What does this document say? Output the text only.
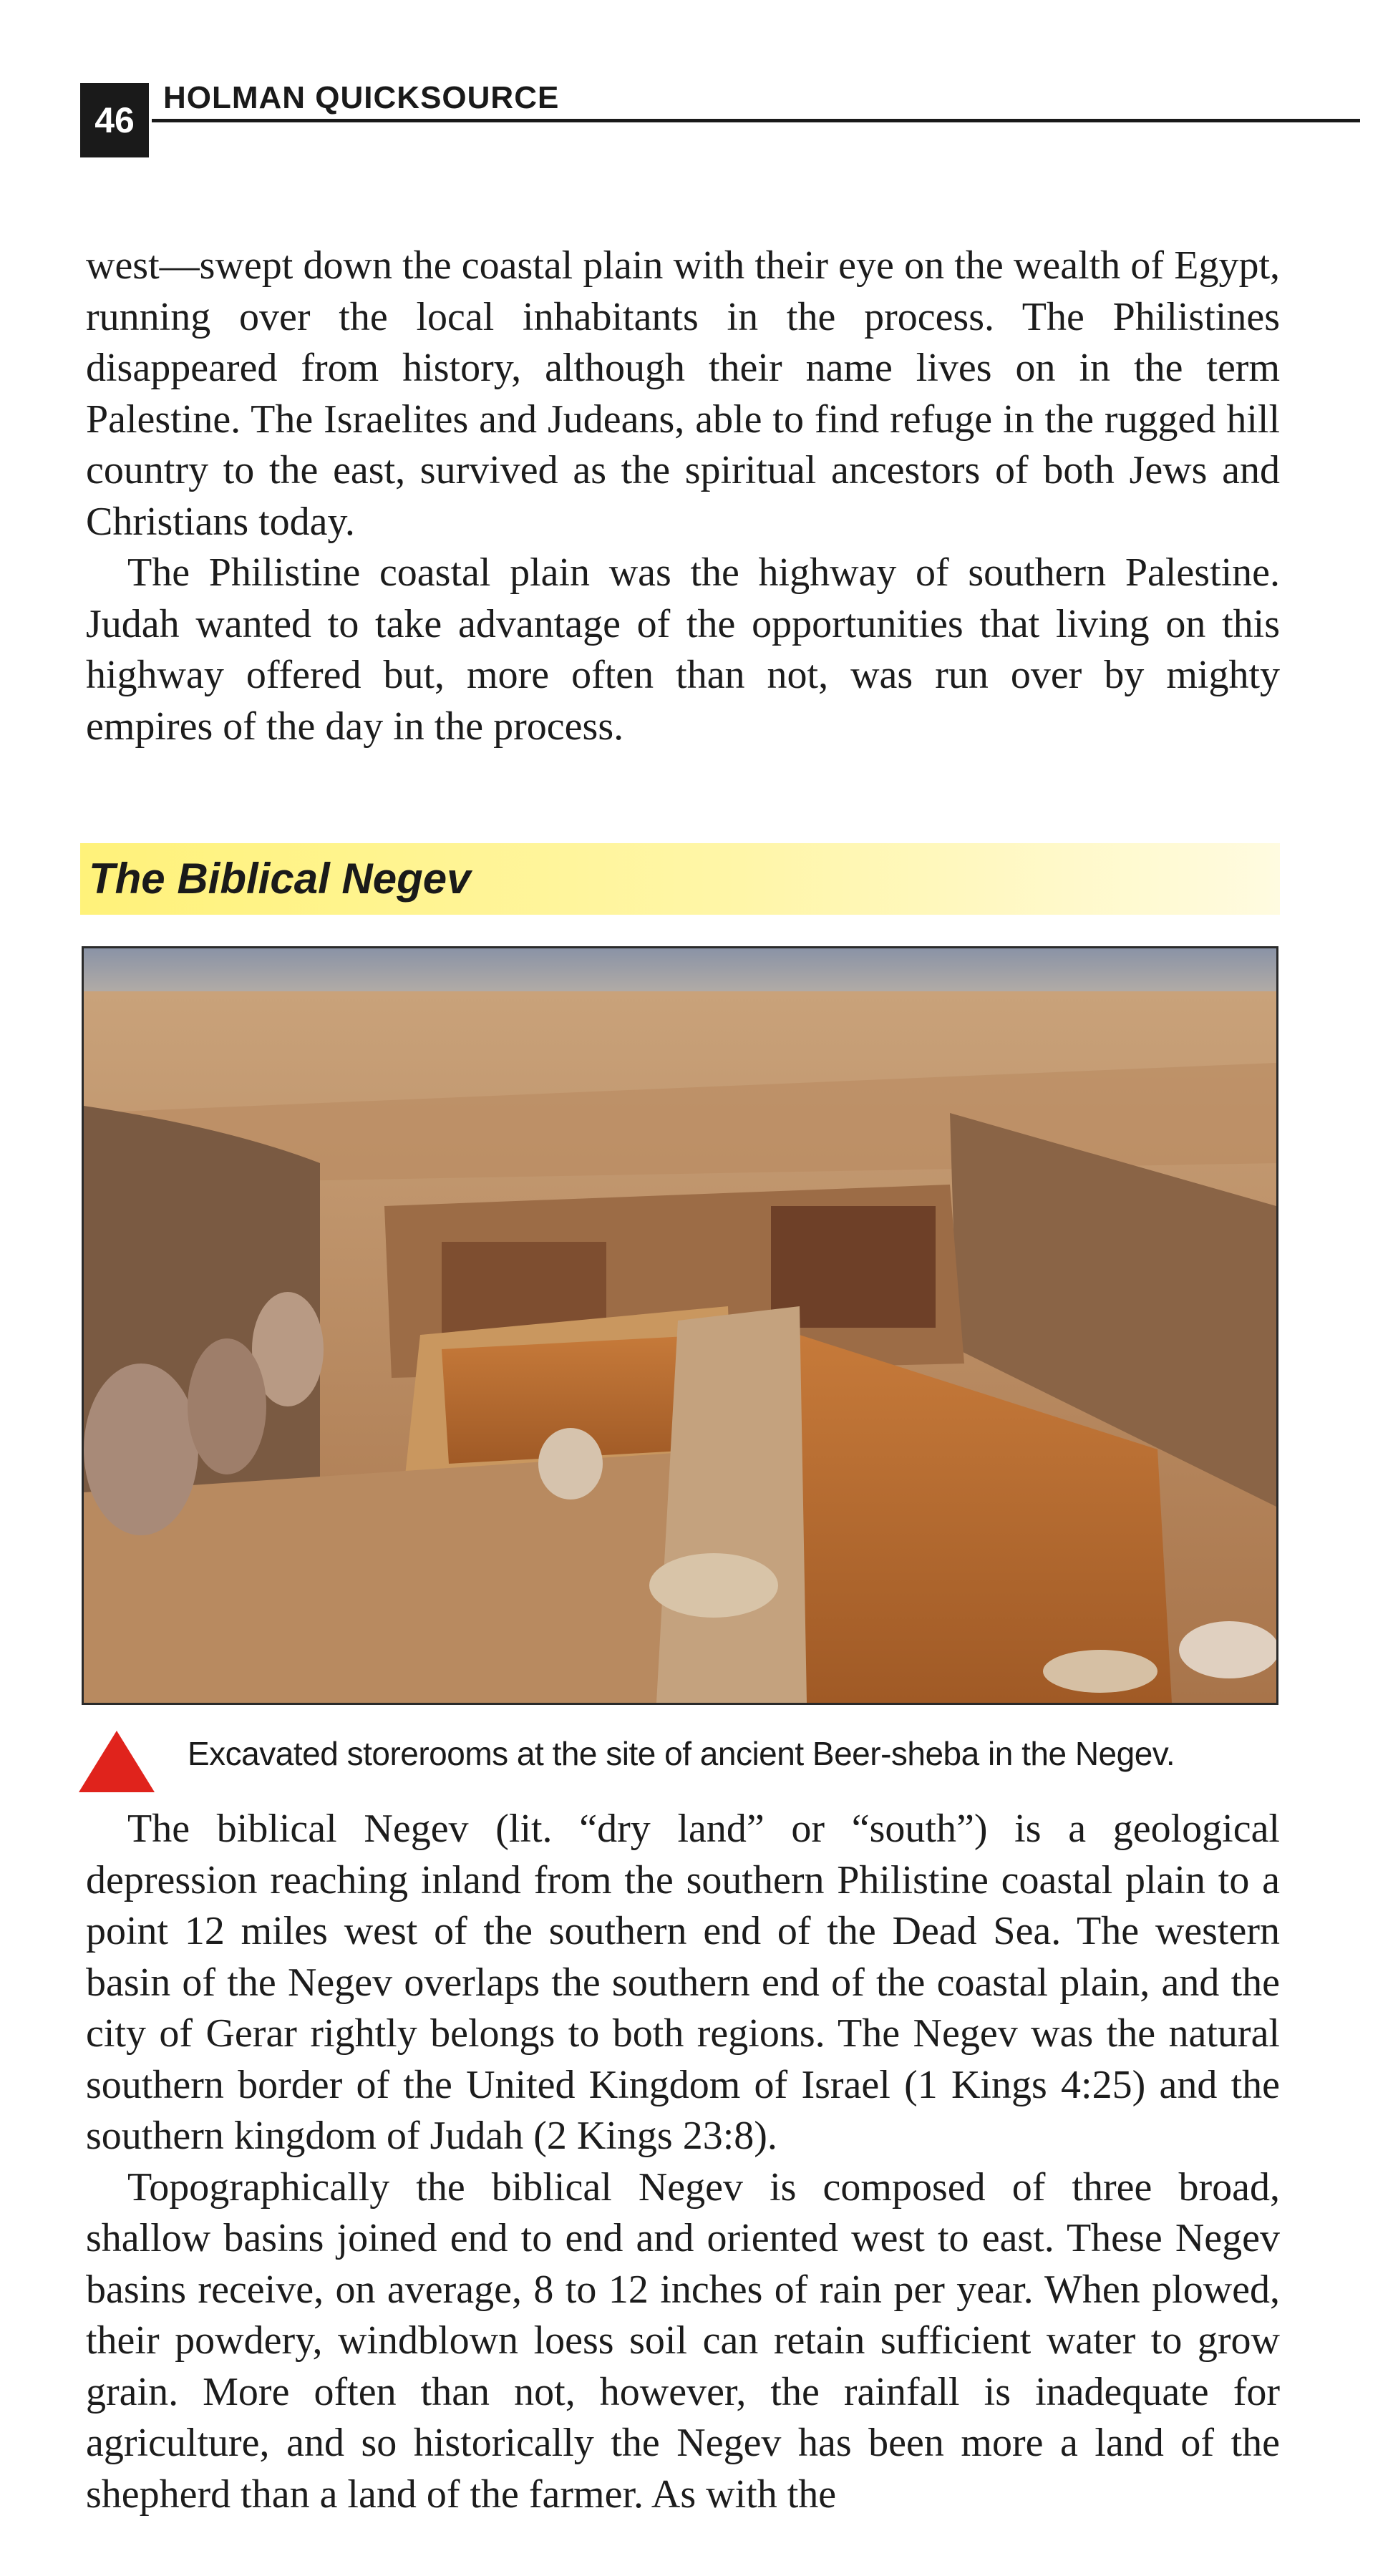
46
HOLMAN QUICKSOURCE

west—swept down the coastal plain with their eye on the wealth of Egypt, running over the local inhabitants in the process. The Philistines disappeared from history, although their name lives on in the term Palestine. The Israelites and Judeans, able to find refuge in the rugged hill country to the east, survived as the spiritual ancestors of both Jews and Christians today.

The Philistine coastal plain was the highway of southern Palestine. Judah wanted to take advantage of the opportunities that living on this highway offered but, more often than not, was run over by mighty empires of the day in the process.

The Biblical Negev
Excavated storerooms at the site of ancient Beer-sheba in the Negev.

The biblical Negev (lit. “dry land” or “south”) is a geological depression reaching inland from the southern Philistine coastal plain to a point 12 miles west of the southern end of the Dead Sea. The western basin of the Negev overlaps the southern end of the coastal plain, and the city of Gerar rightly belongs to both regions. The Negev was the natural southern border of the United Kingdom of Israel (1 Kings 4:25) and the southern kingdom of Judah (2 Kings 23:8).

Topographically the biblical Negev is composed of three broad, shallow basins joined end to end and oriented west to east. These Negev basins receive, on average, 8 to 12 inches of rain per year. When plowed, their powdery, windblown loess soil can retain sufficient water to grow grain. More often than not, however, the rainfall is inadequate for agriculture, and so historically the Negev has been more a land of the shepherd than a land of the farmer. As with the
